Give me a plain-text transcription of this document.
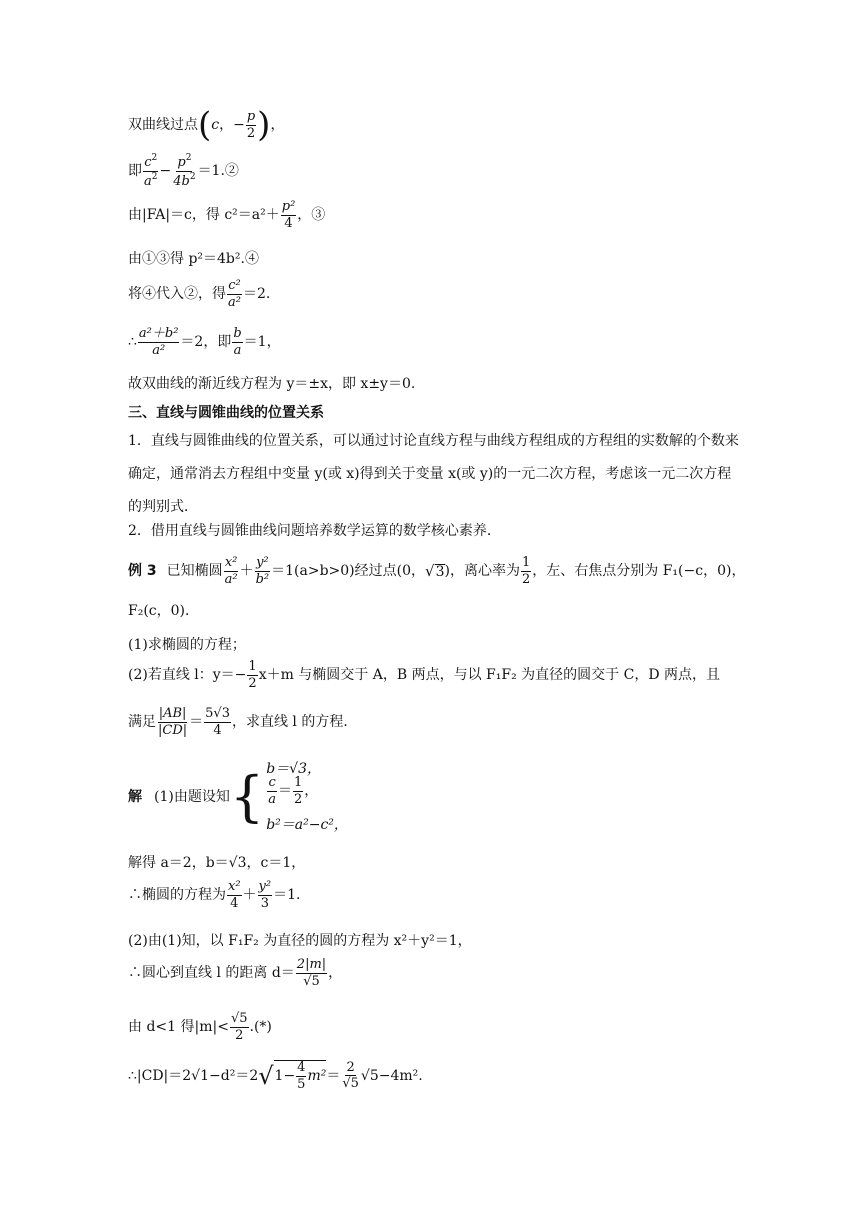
双曲线过点 ( c ，− $\frac{p}{2}$ ) ，
即 $\frac{c^2}{a^2} - \frac{p^2}{4b^2}$ ＝1.②
由|FA|＝c，得 $c^2=a^2+ \frac{\text{p²}}{4}$ ，③
由①③得 p²＝4b².④
将④代入②，得 $\frac{\text{c²}}{\text{a²}} =2$.
∴ $\frac{\text{a²＋b²}}{\text{a²}} =2$，即 $\frac{b}{a} =1$，
故双曲线的渐近线方程为 y＝±x，即 x±y＝0.
三、直线与圆锥曲线的位置关系
1．直线与圆锥曲线的位置关系，可以通过讨论直线方程与曲线方程组成的方程组的实数解的个数来确定，通常消去方程组中变量 y(或 x)得到关于变量 x(或 y)的一元二次方程，考虑该一元二次方程的判别式．
2．借用直线与圆锥曲线问题培养数学运算的数学核心素养．
例 3 已知椭圆 $\frac{\text{x²}}{\text{a²}} + \frac{\text{y²}}{\text{b²}} =1(a>b>0)$经过点(0， √ 3 )，离心率为 $\frac{1}{2}$ ，左、右焦点分别为 F₁(−c，0)，
F₂(c，0)．
(1)求椭圆的方程；
(2)若直线 l：$y=- \frac{1}{2} x+m$ 与椭圆交于 A，B 两点，与以 F₁F₂ 为直径的圆交于 C，D 两点，且
满足 $\frac{|AB|}{|CD|} = \frac{5√3}{4}$ ，求直线 l 的方程．
解 (1)由题设知 { b＝√3，
$\frac{c}{a} = \frac{1}{2}$ ，
b²＝a²−c²，
解得 a＝2，b＝√3，c＝1，
∴椭圆的方程为 $\frac{\text{x²}}{4} + \frac{\text{y²}}{3} =1$.
(2)由(1)知，以 F₁F₂ 为直径的圆的方程为 x²＋y²＝1，
∴圆心到直线 l 的距离 $d= \frac{2|m|}{√5}$ ，
由 d<1 得$|m|< \frac{√5}{2}$ .(*)
∴|CD|＝2√1−d²＝2 √ $1- \frac{4}{5} m^2 = \frac{2}{√5} √5-4m^2$.
